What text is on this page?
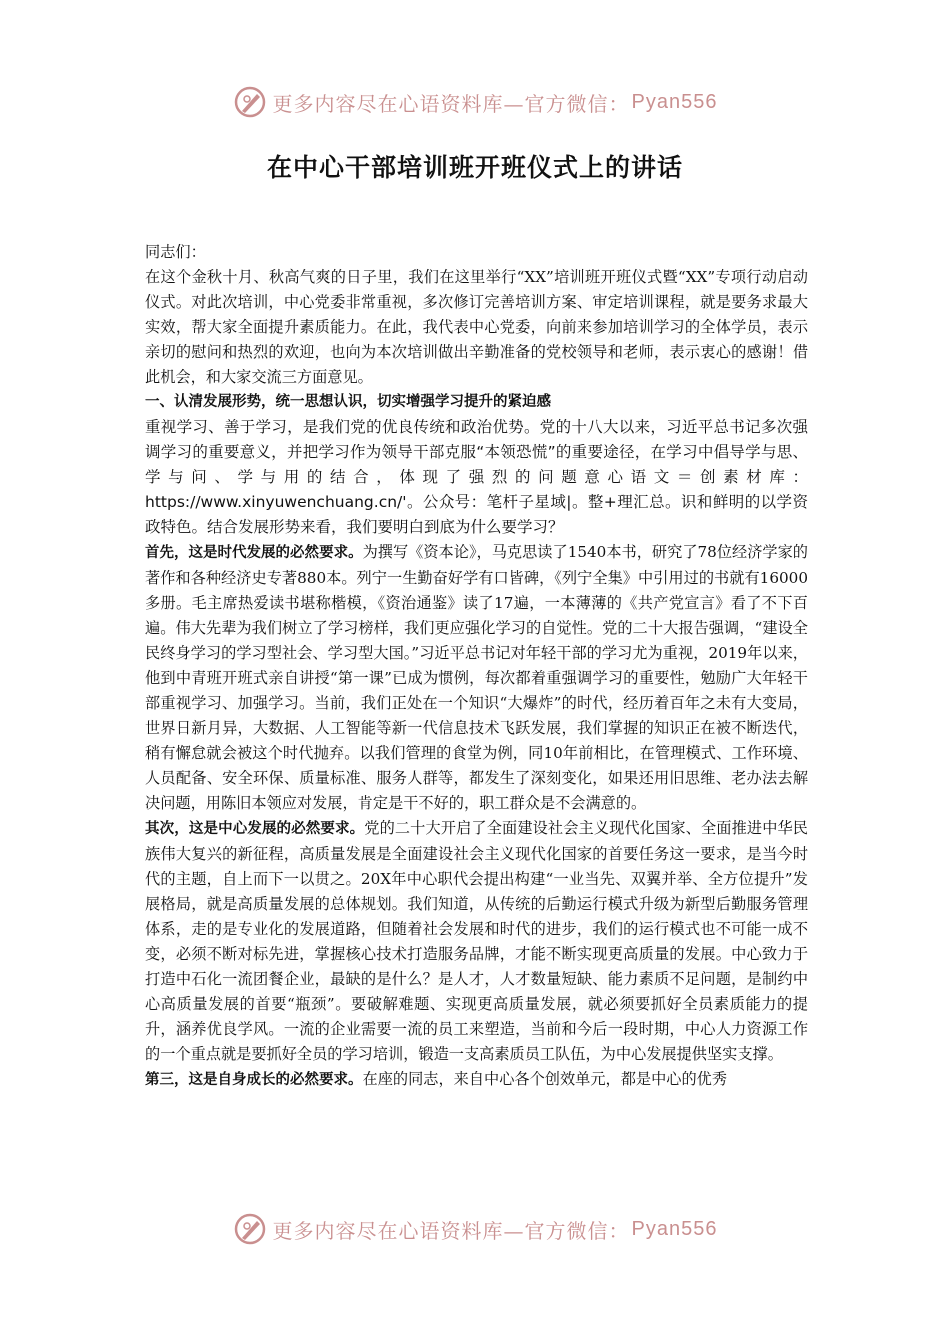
更多内容尽在心语资料库—官方微信： Pyan556
在中心干部培训班开班仪式上的讲话

同志们：

在这个金秋十月、秋高气爽的日子里，我们在这里举行“XX”培训班开班仪式暨“XX”专项行动启动仪式。对此次培训，中心党委非常重视，多次修订完善培训方案、审定培训课程，就是要务求最大实效，帮大家全面提升素质能力。在此，我代表中心党委，向前来参加培训学习的全体学员，表示亲切的慰问和热烈的欢迎，也向为本次培训做出辛勤准备的党校领导和老师，表示衷心的感谢！借此机会，和大家交流三方面意见。

一、认清发展形势，统一思想认识，切实增强学习提升的紧迫感

重视学习、善于学习，是我们党的优良传统和政治优势。党的十八大以来，习近平总书记多次强调学习的重要意义，并把学习作为领导干部克服“本领恐慌”的重要途径，在学习中倡导学与思、学与问、学与用的结合，体现了强烈的问题意心语文＝创素材库：https://www.xinyuwenchuang.cn/'。公众号：笔杆子星域|。整+理汇总。识和鲜明的以学资政特色。结合发展形势来看，我们要明白到底为什么要学习？

首先，这是时代发展的必然要求。为撰写《资本论》，马克思读了1540本书，研究了78位经济学家的著作和各种经济史专著880本。列宁一生勤奋好学有口皆碑，《列宁全集》中引用过的书就有16000多册。毛主席热爱读书堪称楷模，《资治通鉴》读了17遍，一本薄薄的《共产党宣言》看了不下百遍。伟大先辈为我们树立了学习榜样，我们更应强化学习的自觉性。党的二十大报告强调，“建设全民终身学习的学习型社会、学习型大国。”习近平总书记对年轻干部的学习尤为重视，2019年以来，他到中青班开班式亲自讲授“第一课”已成为惯例，每次都着重强调学习的重要性，勉励广大年轻干部重视学习、加强学习。当前，我们正处在一个知识“大爆炸”的时代，经历着百年之未有大变局，世界日新月异，大数据、人工智能等新一代信息技术飞跃发展，我们掌握的知识正在被不断迭代，稍有懈怠就会被这个时代抛弃。以我们管理的食堂为例，同10年前相比，在管理模式、工作环境、人员配备、安全环保、质量标准、服务人群等，都发生了深刻变化，如果还用旧思维、老办法去解决问题，用陈旧本领应对发展，肯定是干不好的，职工群众是不会满意的。

其次，这是中心发展的必然要求。党的二十大开启了全面建设社会主义现代化国家、全面推进中华民族伟大复兴的新征程，高质量发展是全面建设社会主义现代化国家的首要任务这一要求，是当今时代的主题，自上而下一以贯之。20X年中心职代会提出构建“一业当先、双翼并举、全方位提升”发展格局，就是高质量发展的总体规划。我们知道，从传统的后勤运行模式升级为新型后勤服务管理体系，走的是专业化的发展道路，但随着社会发展和时代的进步，我们的运行模式也不可能一成不变，必须不断对标先进，掌握核心技术打造服务品牌，才能不断实现更高质量的发展。中心致力于打造中石化一流团餐企业，最缺的是什么？是人才，人才数量短缺、能力素质不足问题，是制约中心高质量发展的首要“瓶颈”。要破解难题、实现更高质量发展，就必须要抓好全员素质能力的提升，涵养优良学风。一流的企业需要一流的员工来塑造，当前和今后一段时期，中心人力资源工作的一个重点就是要抓好全员的学习培训，锻造一支高素质员工队伍，为中心发展提供坚实支撑。

第三，这是自身成长的必然要求。在座的同志，来自中心各个创效单元，都是中心的优秀

更多内容尽在心语资料库—官方微信： Pyan556
